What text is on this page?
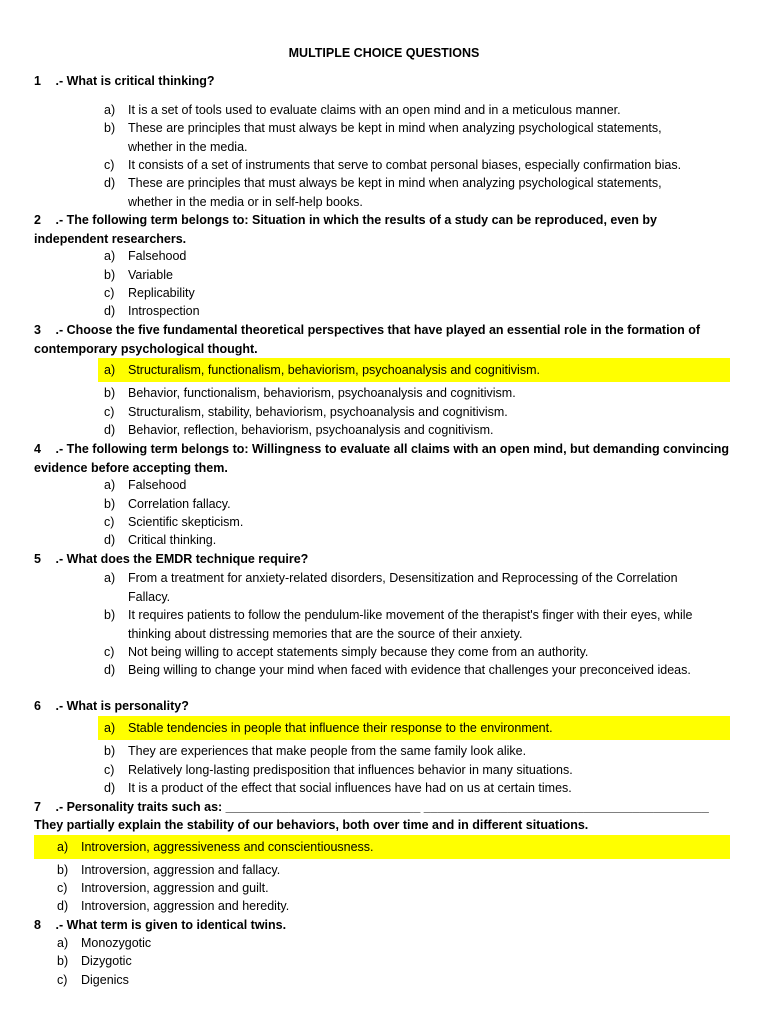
MULTIPLE CHOICE QUESTIONS
1 .- What is critical thinking?
a)	It is a set of tools used to evaluate claims with an open mind and in a meticulous manner.
b)	These are principles that must always be kept in mind when analyzing psychological statements, whether in the media.
c)	It consists of a set of instruments that serve to combat personal biases, especially confirmation bias.
d)	These are principles that must always be kept in mind when analyzing psychological statements, whether in the media or in self-help books.
2 .- The following term belongs to: Situation in which the results of a study can be reproduced, even by independent researchers.
a)	Falsehood
b)	Variable
c)	Replicability
d)	Introspection
3 .- Choose the five fundamental theoretical perspectives that have played an essential role in the formation of contemporary psychological thought.
a)	Structuralism, functionalism, behaviorism, psychoanalysis and cognitivism.
b)	Behavior, functionalism, behaviorism, psychoanalysis and cognitivism.
c)	Structuralism, stability, behaviorism, psychoanalysis and cognitivism.
d)	Behavior, reflection, behaviorism, psychoanalysis and cognitivism.
4 .- The following term belongs to: Willingness to evaluate all claims with an open mind, but demanding convincing evidence before accepting them.
a)	Falsehood
b)	Correlation fallacy.
c)	Scientific skepticism.
d)	Critical thinking.
5 .- What does the EMDR technique require?
a)	From a treatment for anxiety-related disorders, Desensitization and Reprocessing of the Correlation Fallacy.
b)	It requires patients to follow the pendulum-like movement of the therapist's finger with their eyes, while thinking about distressing memories that are the source of their anxiety.
c)	Not being willing to accept statements simply because they come from an authority.
d)	Being willing to change your mind when faced with evidence that challenges your preconceived ideas.
6 .- What is personality?
a)	Stable tendencies in people that influence their response to the environment.
b)	They are experiences that make people from the same family look alike.
c)	Relatively long-lasting predisposition that influences behavior in many situations.
d)	It is a product of the effect that social influences have had on us at certain times.
7 .- Personality traits such as: ____________________________ _________________________________________
They partially explain the stability of our behaviors, both over time and in different situations.
a)	Introversion, aggressiveness and conscientiousness.
b)	Introversion, aggression and fallacy.
c)	Introversion, aggression and guilt.
d)	Introversion, aggression and heredity.
8 .- What term is given to identical twins.
a)	Monozygotic
b)	Dizygotic
c)	Digenics
